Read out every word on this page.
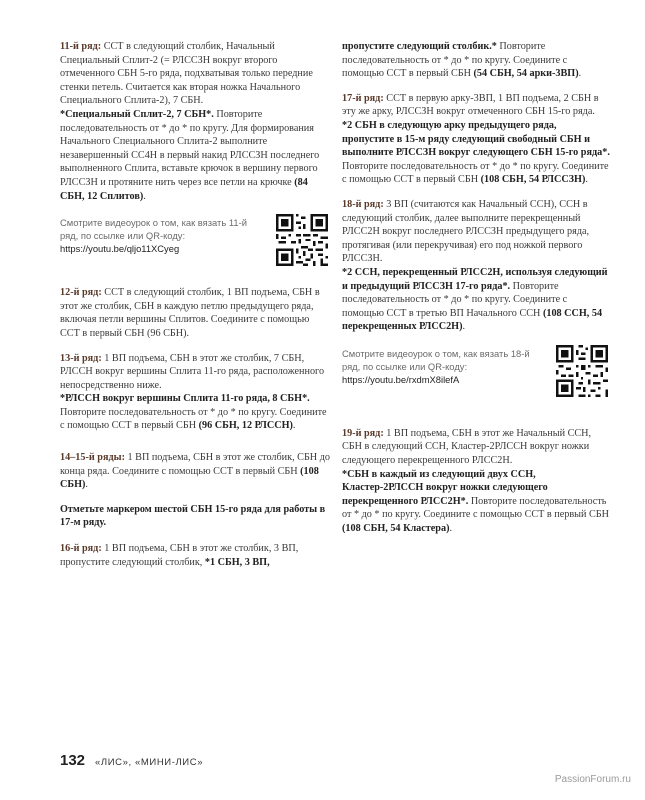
11-й ряд: ССТ в следующий столбик, Начальный Специальный Сплит-2 (= РЛССЗН вокруг второго отмеченного СБН 5-го ряда, подхватывая только передние стенки петель. Считается как вторая ножка Начального Специального Сплита-2), 7 СБН.
*Специальный Сплит-2, 7 СБН*. Повторите последовательность от * до * по кругу. Для формирования Начального Специального Сплита-2 выполните незавершенный СС4Н в первый накид РЛССЗН последнего выполненного Сплита, вставьте крючок в вершину первого РЛССЗН и протяните нить через все петли на крючке (84 СБН, 12 Сплитов).

Смотрите видеоурок о том, как вязать 11-й ряд, по ссылке или QR-коду:
https://youtu.be/qljo11XCyeg

12-й ряд: ССТ в следующий столбик, 1 ВП подъема, СБН в этот же столбик, СБН в каждую петлю предыдущего ряда, включая петли вершины Сплитов. Соедините с помощью ССТ в первый СБН (96 СБН).

13-й ряд: 1 ВП подъема, СБН в этот же столбик, 7 СБН, РЛССН вокруг вершины Сплита 11-го ряда, расположенного непосредственно ниже.
*РЛССН вокруг вершины Сплита 11-го ряда, 8 СБН*. Повторите последовательность от * до * по кругу. Соедините с помощью ССТ в первый СБН (96 СБН, 12 РЛССН).

14–15-й ряды: 1 ВП подъема, СБН в этот же столбик, СБН до конца ряда. Соедините с помощью ССТ в первый СБН (108 СБН).

Отметьте маркером шестой СБН 15-го ряда для работы в 17-м ряду.

16-й ряд: 1 ВП подъема, СБН в этот же столбик, 3 ВП, пропустите следующий столбик, *1 СБН, 3 ВП,

пропустите следующий столбик.* Повторите последовательность от * до * по кругу. Соедините с помощью ССТ в первый СБН (54 СБН, 54 арки-3ВП).

17-й ряд: ССТ в первую арку-3ВП, 1 ВП подъема, 2 СБН в эту же арку, РЛССЗН вокруг отмеченного СБН 15-го ряда.
*2 СБН в следующую арку предыдущего ряда, пропустите в 15-м ряду следующий свободный СБН и выполните РЛССЗН вокруг следующего СБН 15-го ряда*. Повторите последовательность от * до * по кругу. Соедините с помощью ССТ в первый СБН (108 СБН, 54 РЛССЗН).

18-й ряд: 3 ВП (считаются как Начальный ССН), ССН в следующий столбик, далее выполните перекрещенный РЛСС2Н вокруг последнего РЛССЗН предыдущего ряда, протягивая (или перекручивая) его под ножкой первого РЛССЗН.
*2 ССН, перекрещенный РЛСС2Н, используя следующий и предыдущий РЛССЗН 17-го ряда*. Повторите последовательность от * до * по кругу. Соедините с помощью ССТ в третью ВП Начального ССН (108 ССН, 54 перекрещенных РЛСС2Н).

Смотрите видеоурок о том, как вязать 18-й ряд, по ссылке или QR-коду:
https://youtu.be/rxdmX8ilefA

19-й ряд: 1 ВП подъема, СБН в этот же Начальный ССН, СБН в следующий ССН, Кластер-2РЛССН вокруг ножки следующего перекрещенного РЛСС2Н.
*СБН в каждый из следующий двух ССН, Кластер-2РЛССН вокруг ножки следующего перекрещенного РЛСС2Н*. Повторите последовательность от * до * по кругу. Соедините с помощью ССТ в первый СБН (108 СБН, 54 Кластера).

132 «ЛИС», «МИНИ-ЛИС»
PassionForum.ru
